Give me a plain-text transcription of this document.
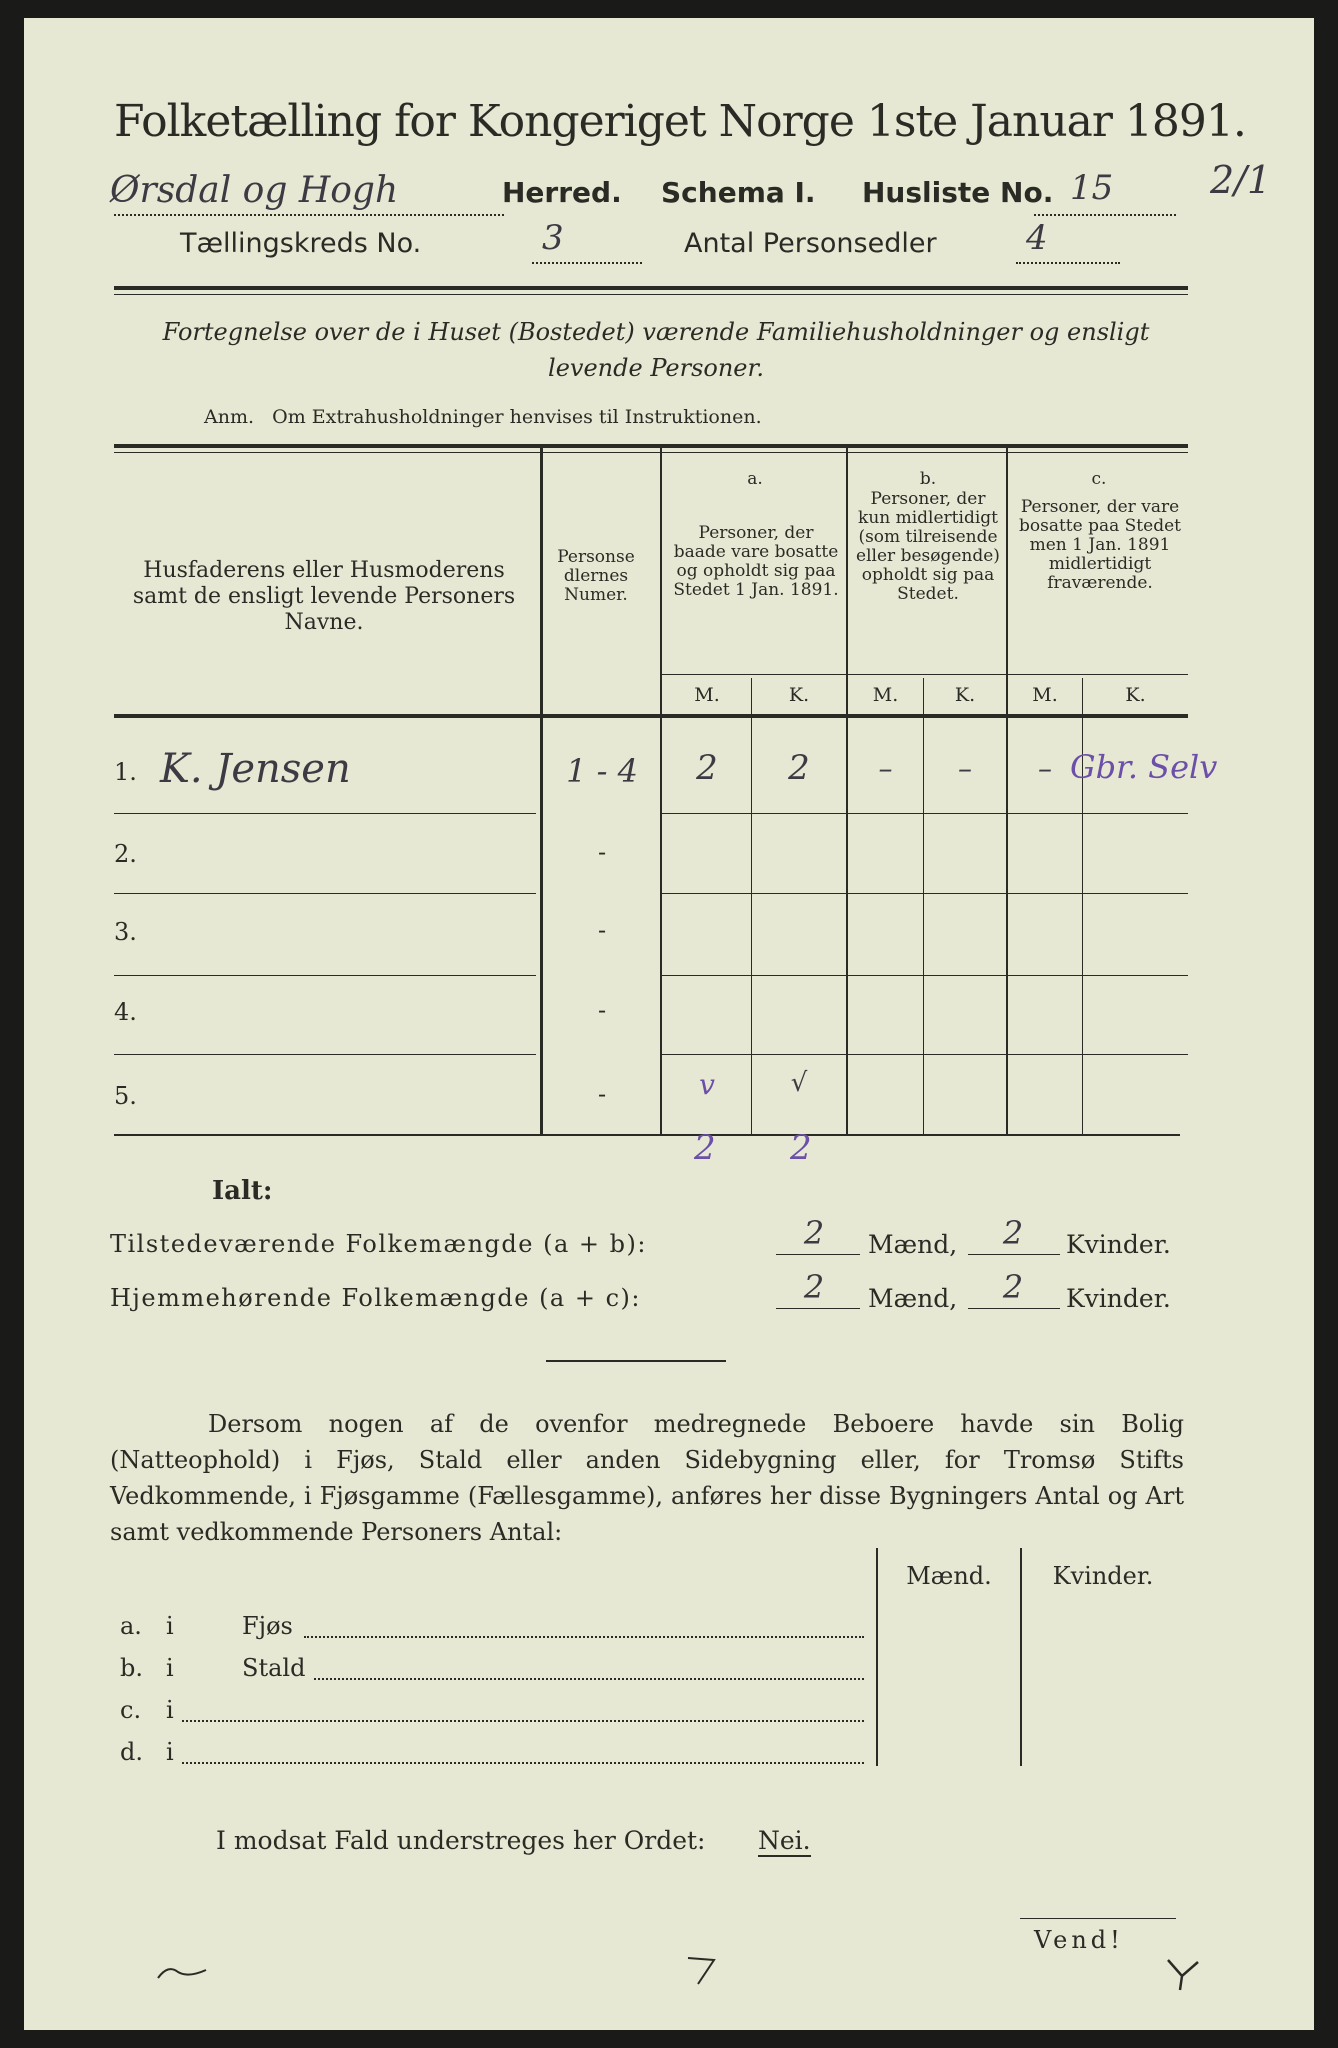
Folketælling for Kongeriget Norge 1ste Januar 1891.
Ørsdal og Hogh	Herred. Schema I. Husliste No. 15	2/1
Tællingskreds No.	3	Antal Personsedler	4
Fortegnelse over de i Huset (Bostedet) værende Familiehusholdninger og ensligt levende Personer.
Anm.   Om Extrahusholdninger henvises til Instruktionen.
Husfaderens eller Husmoderens samt de ensligt levende Personers Navne.
Personsedlernes Numer.
a.
Personer, der baade vare bosatte og opholdt sig paa Stedet 1 Jan. 1891.
b.
Personer, der kun midlertidigt (som tilreisende eller besøgende) opholdt sig paa Stedet.
c.
Personer, der vare bosatte paa Stedet men 1 Jan. 1891 midlertidigt fraværende.
M.	K.	M.	K.	M.	K.
1. K. Jensen	1 - 4	2	2	–	–	– Gbr. Selv
2.	-
3.	-
4.	-
5.	-	v	√
2 2
Ialt:
Tilstedeværende Folkemængde (a + b):	2	Mænd,	2	Kvinder.
Hjemmehørende Folkemængde (a + c):	2	Mænd,	2	Kvinder.
Dersom nogen af de ovenfor medregnede Beboere havde sin Bolig (Natteophold) i Fjøs, Stald eller anden Sidebygning eller, for Tromsø Stifts Vedkommende, i Fjøsgamme (Fællesgamme), anføres her disse Bygningers Antal og Art samt vedkommende Personers Antal:
Mænd.	Kvinder.
a. i	Fjøs
b. i	Stald
c. i
d. i
I modsat Fald understreges her Ordet: Nei.
Vend!
